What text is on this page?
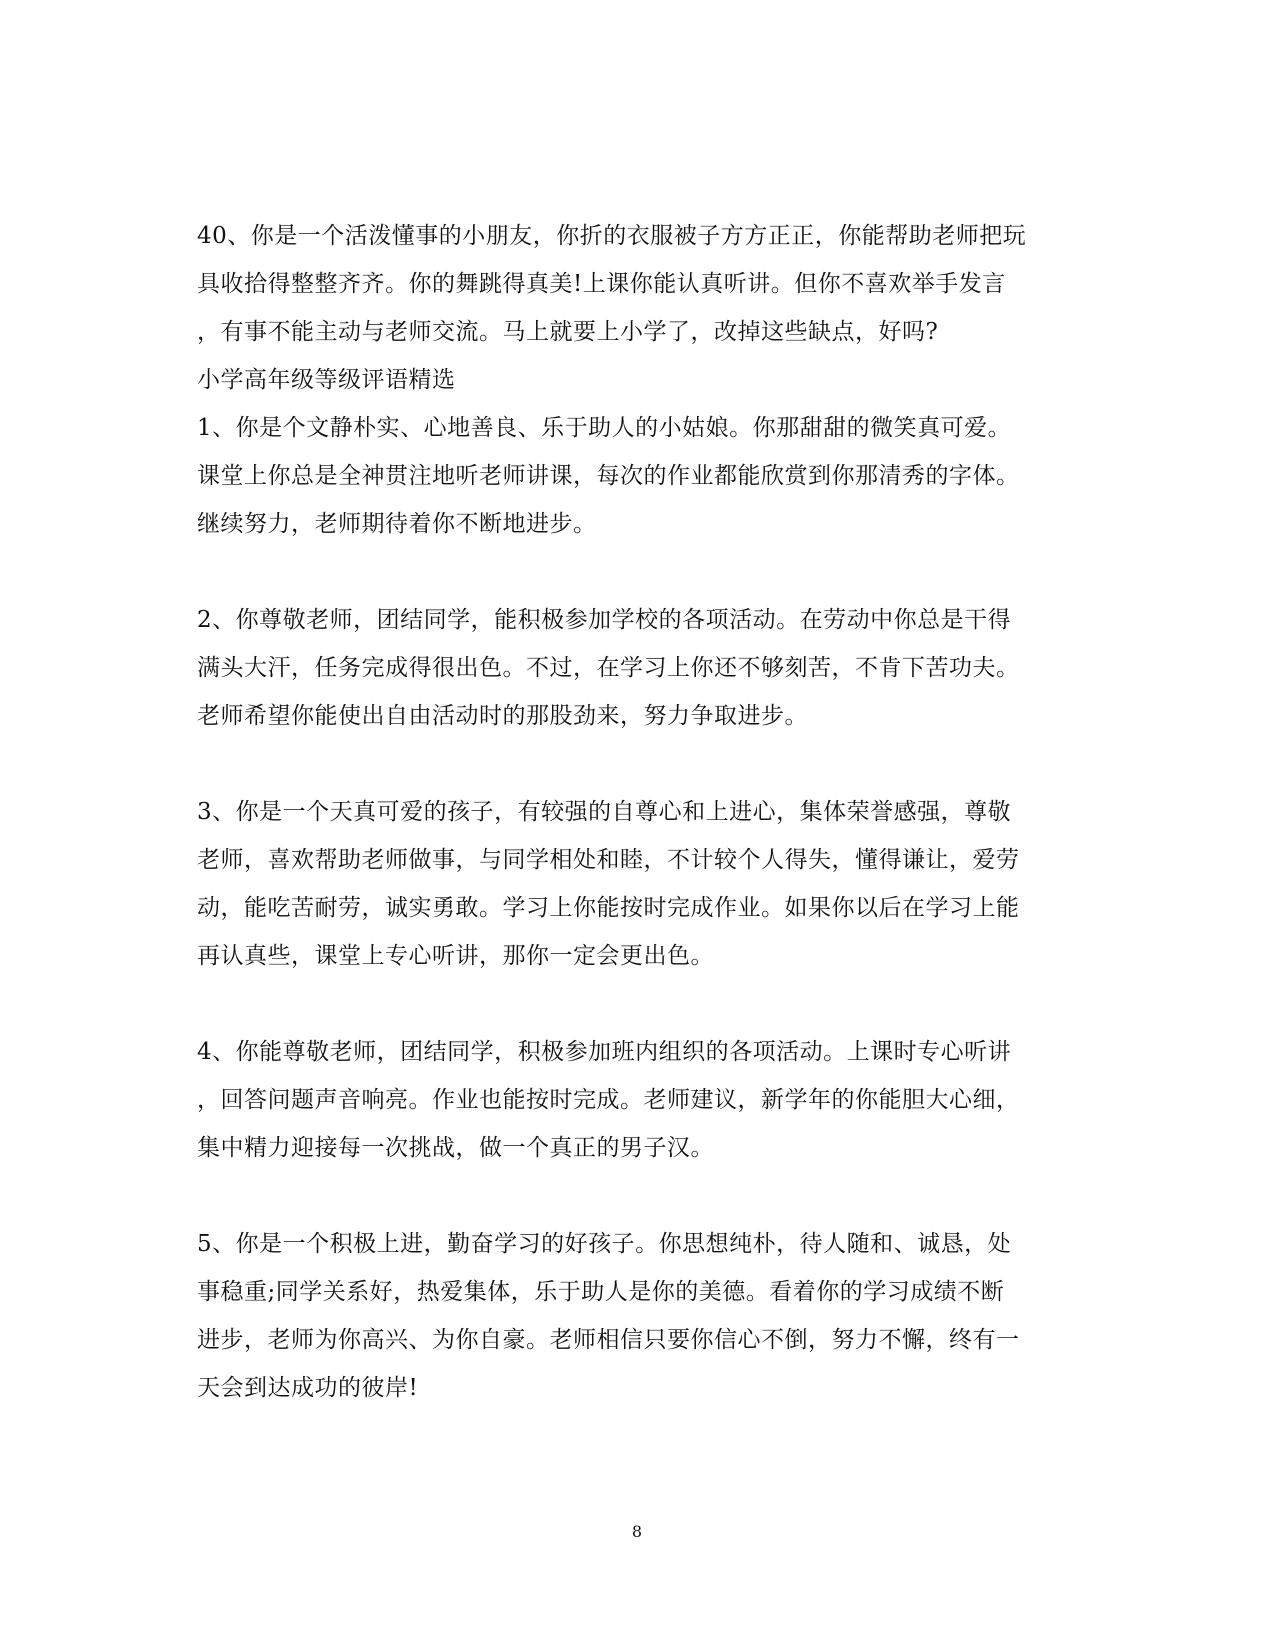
40、你是一个活泼懂事的小朋友，你折的衣服被子方方正正，你能帮助老师把玩
具收拾得整整齐齐。你的舞跳得真美!上课你能认真听讲。但你不喜欢举手发言
，有事不能主动与老师交流。马上就要上小学了，改掉这些缺点，好吗?

小学高年级等级评语精选

1、你是个文静朴实、心地善良、乐于助人的小姑娘。你那甜甜的微笑真可爱。
课堂上你总是全神贯注地听老师讲课，每次的作业都能欣赏到你那清秀的字体。
继续努力，老师期待着你不断地进步。

2、你尊敬老师，团结同学，能积极参加学校的各项活动。在劳动中你总是干得
满头大汗，任务完成得很出色。不过，在学习上你还不够刻苦，不肯下苦功夫。
老师希望你能使出自由活动时的那股劲来，努力争取进步。

3、你是一个天真可爱的孩子，有较强的自尊心和上进心，集体荣誉感强，尊敬
老师，喜欢帮助老师做事，与同学相处和睦，不计较个人得失，懂得谦让，爱劳
动，能吃苦耐劳，诚实勇敢。学习上你能按时完成作业。如果你以后在学习上能
再认真些，课堂上专心听讲，那你一定会更出色。

4、你能尊敬老师，团结同学，积极参加班内组织的各项活动。上课时专心听讲
，回答问题声音响亮。作业也能按时完成。老师建议，新学年的你能胆大心细，
集中精力迎接每一次挑战，做一个真正的男子汉。

5、你是一个积极上进，勤奋学习的好孩子。你思想纯朴，待人随和、诚恳，处
事稳重;同学关系好，热爱集体，乐于助人是你的美德。看着你的学习成绩不断
进步，老师为你高兴、为你自豪。老师相信只要你信心不倒，努力不懈，终有一
天会到达成功的彼岸!

8
